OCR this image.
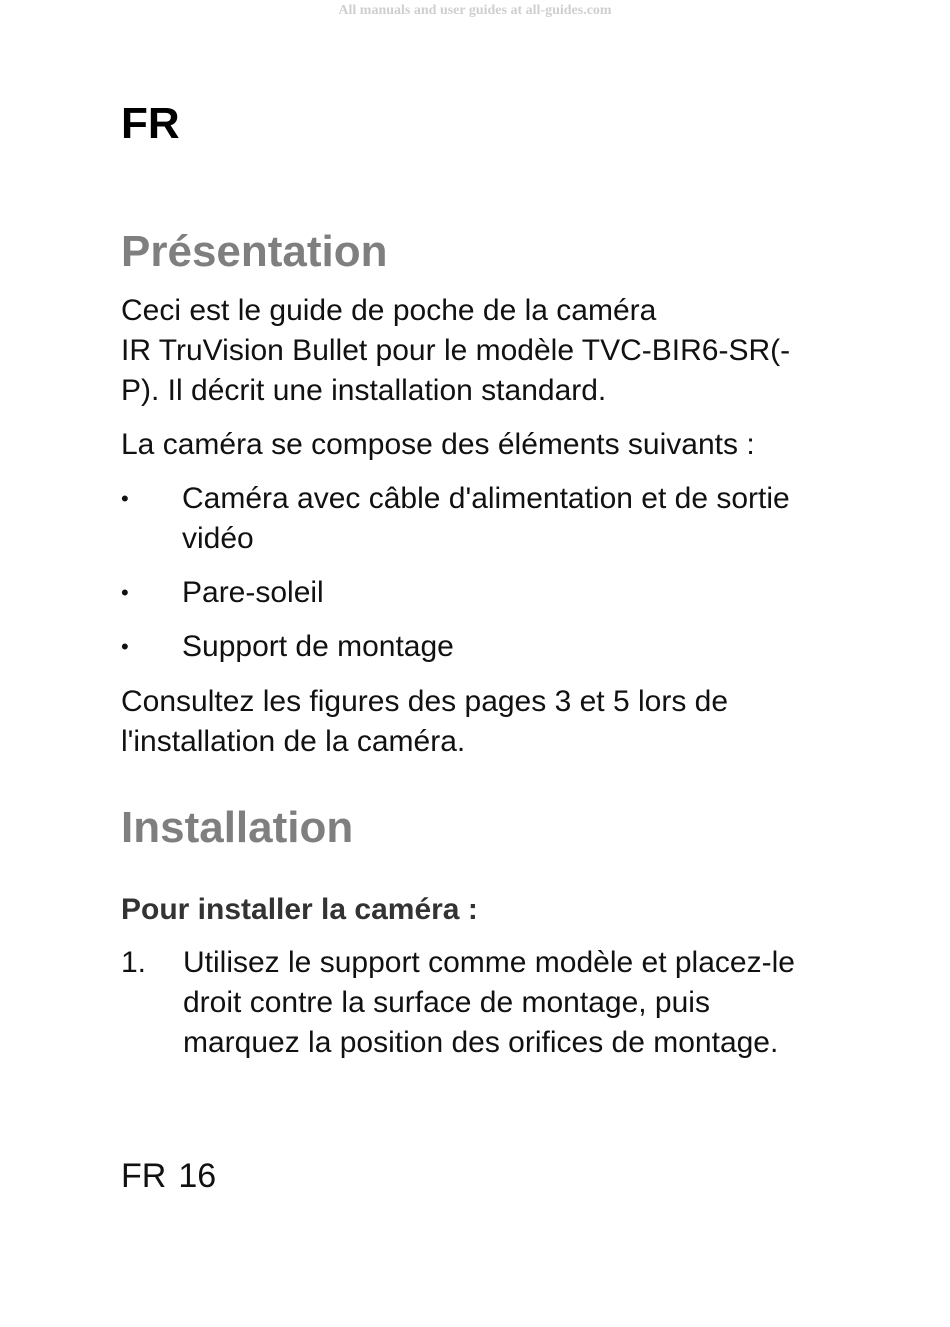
All manuals and user guides at all-guides.com
FR
Présentation

Ceci est le guide de poche de la caméra
IR TruVision Bullet pour le modèle TVC-BIR6-SR(-
P). Il décrit une installation standard.

La caméra se compose des éléments suivants :

• Caméra avec câble d'alimentation et de sortie vidéo
• Pare-soleil
• Support de montage

Consultez les figures des pages 3 et 5 lors de
l'installation de la caméra.

Installation
Pour installer la caméra :
1. Utilisez le support comme modèle et placez-le droit contre la surface de montage, puis marquez la position des orifices de montage.
FR 16
